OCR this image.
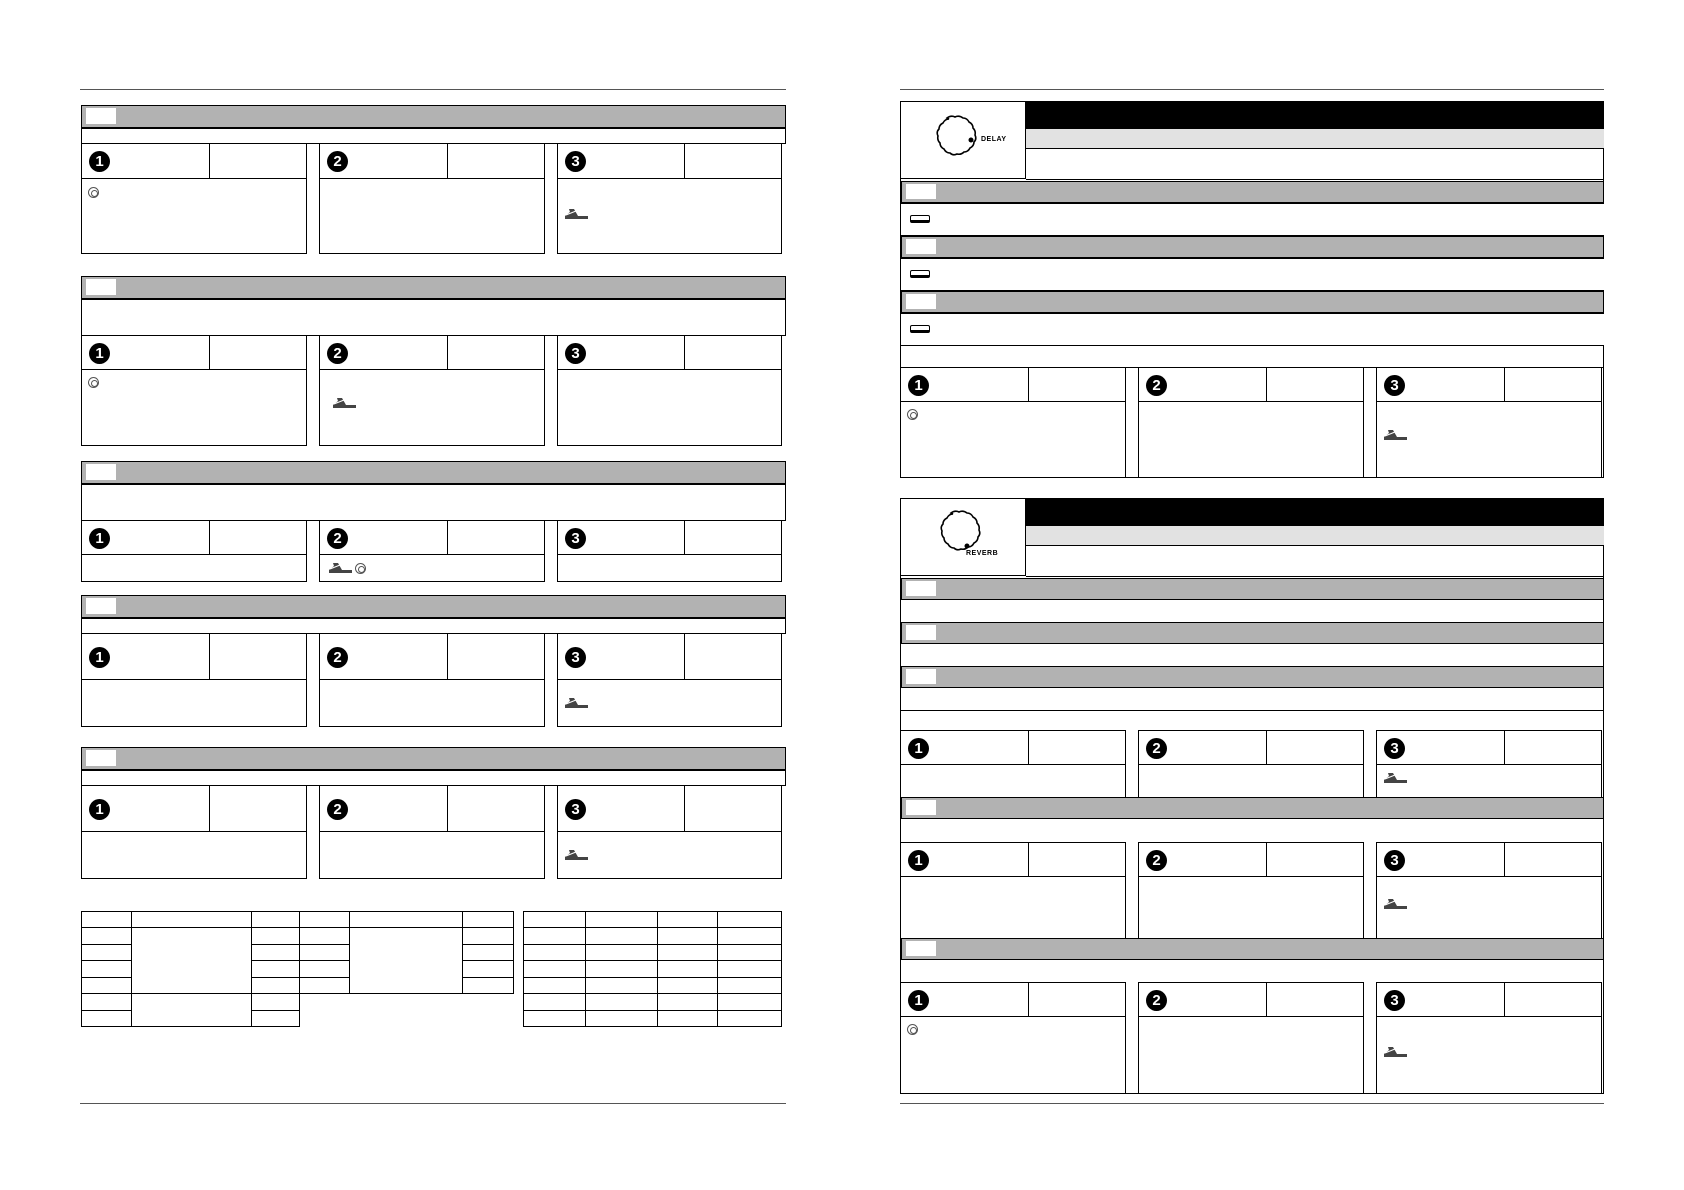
1	2	3
1	2	3
1	2	3
1	2	3
1	2	3

DELAY
REVERB
1	2	3
1	2	3
1	2	3
1	2	3
